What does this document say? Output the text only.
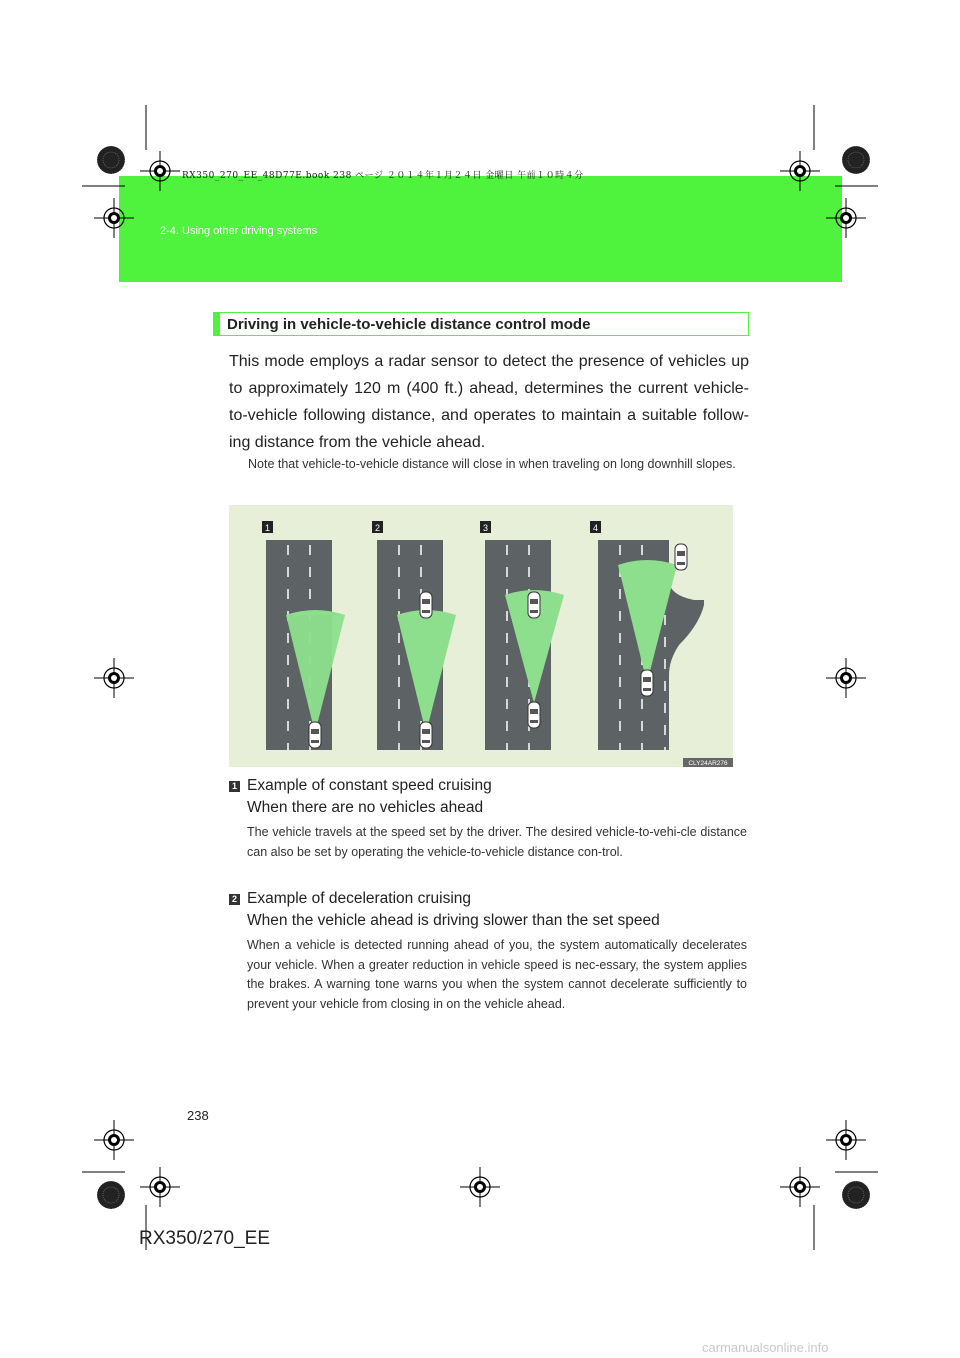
RX350_270_EE_48D77E.book 238 ページ ２０１４年１月２４日 金曜日 午前１０時４分
2-4. Using other driving systems
Driving in vehicle-to-vehicle distance control mode
This mode employs a radar sensor to detect the presence of vehicles up to approximately 120 m (400 ft.) ahead, determines the current vehicle-to-vehicle following distance, and operates to maintain a suitable follow-ing distance from the vehicle ahead.
Note that vehicle-to-vehicle distance will close in when traveling on long downhill slopes.
1	2	3	4
CLY24AR276
1 Example of constant speed cruising
When there are no vehicles ahead
The vehicle travels at the speed set by the driver. The desired vehicle-to-vehi-cle distance can also be set by operating the vehicle-to-vehicle distance con-trol.
2 Example of deceleration cruising
When the vehicle ahead is driving slower than the set speed
When a vehicle is detected running ahead of you, the system automatically decelerates your vehicle. When a greater reduction in vehicle speed is nec-essary, the system applies the brakes. A warning tone warns you when the system cannot decelerate sufficiently to prevent your vehicle from closing in on the vehicle ahead.
238
RX350/270_EE
carmanualsonline.info
